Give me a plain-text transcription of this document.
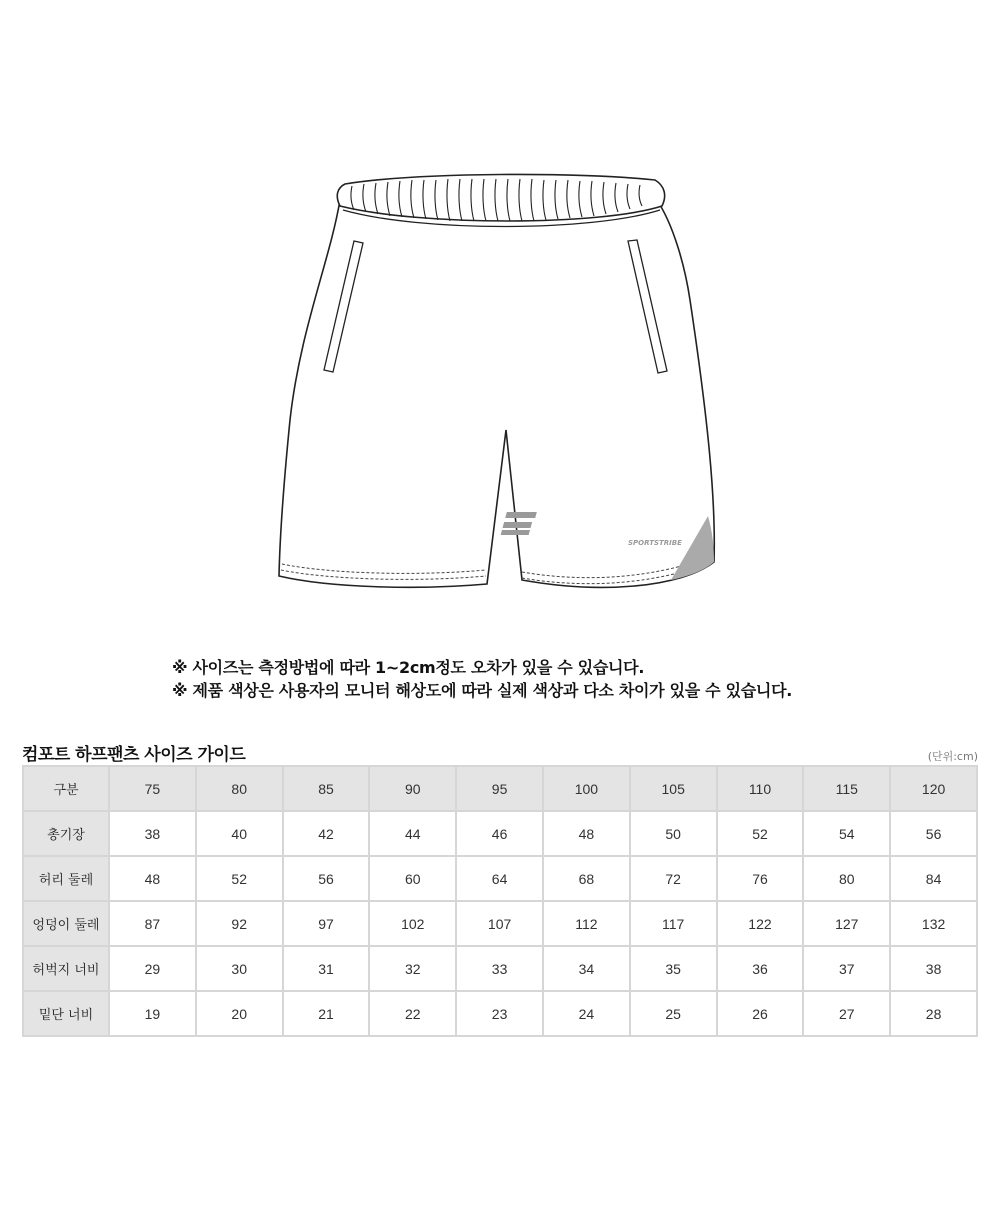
SPORTSTRIBE
※ 사이즈는 측정방법에 따라 1~2cm정도 오차가 있을 수 있습니다.
※ 제품 색상은 사용자의 모니터 해상도에 따라 실제 색상과 다소 차이가 있을 수 있습니다.
컴포트 하프팬츠 사이즈 가이드	(단위:cm)
구분	75	80	85	90	95	100	105	110	115	120
총기장	38	40	42	44	46	48	50	52	54	56
허리 둘레	48	52	56	60	64	68	72	76	80	84
엉덩이 둘레	87	92	97	102	107	112	117	122	127	132
허벅지 너비	29	30	31	32	33	34	35	36	37	38
밑단 너비	19	20	21	22	23	24	25	26	27	28
